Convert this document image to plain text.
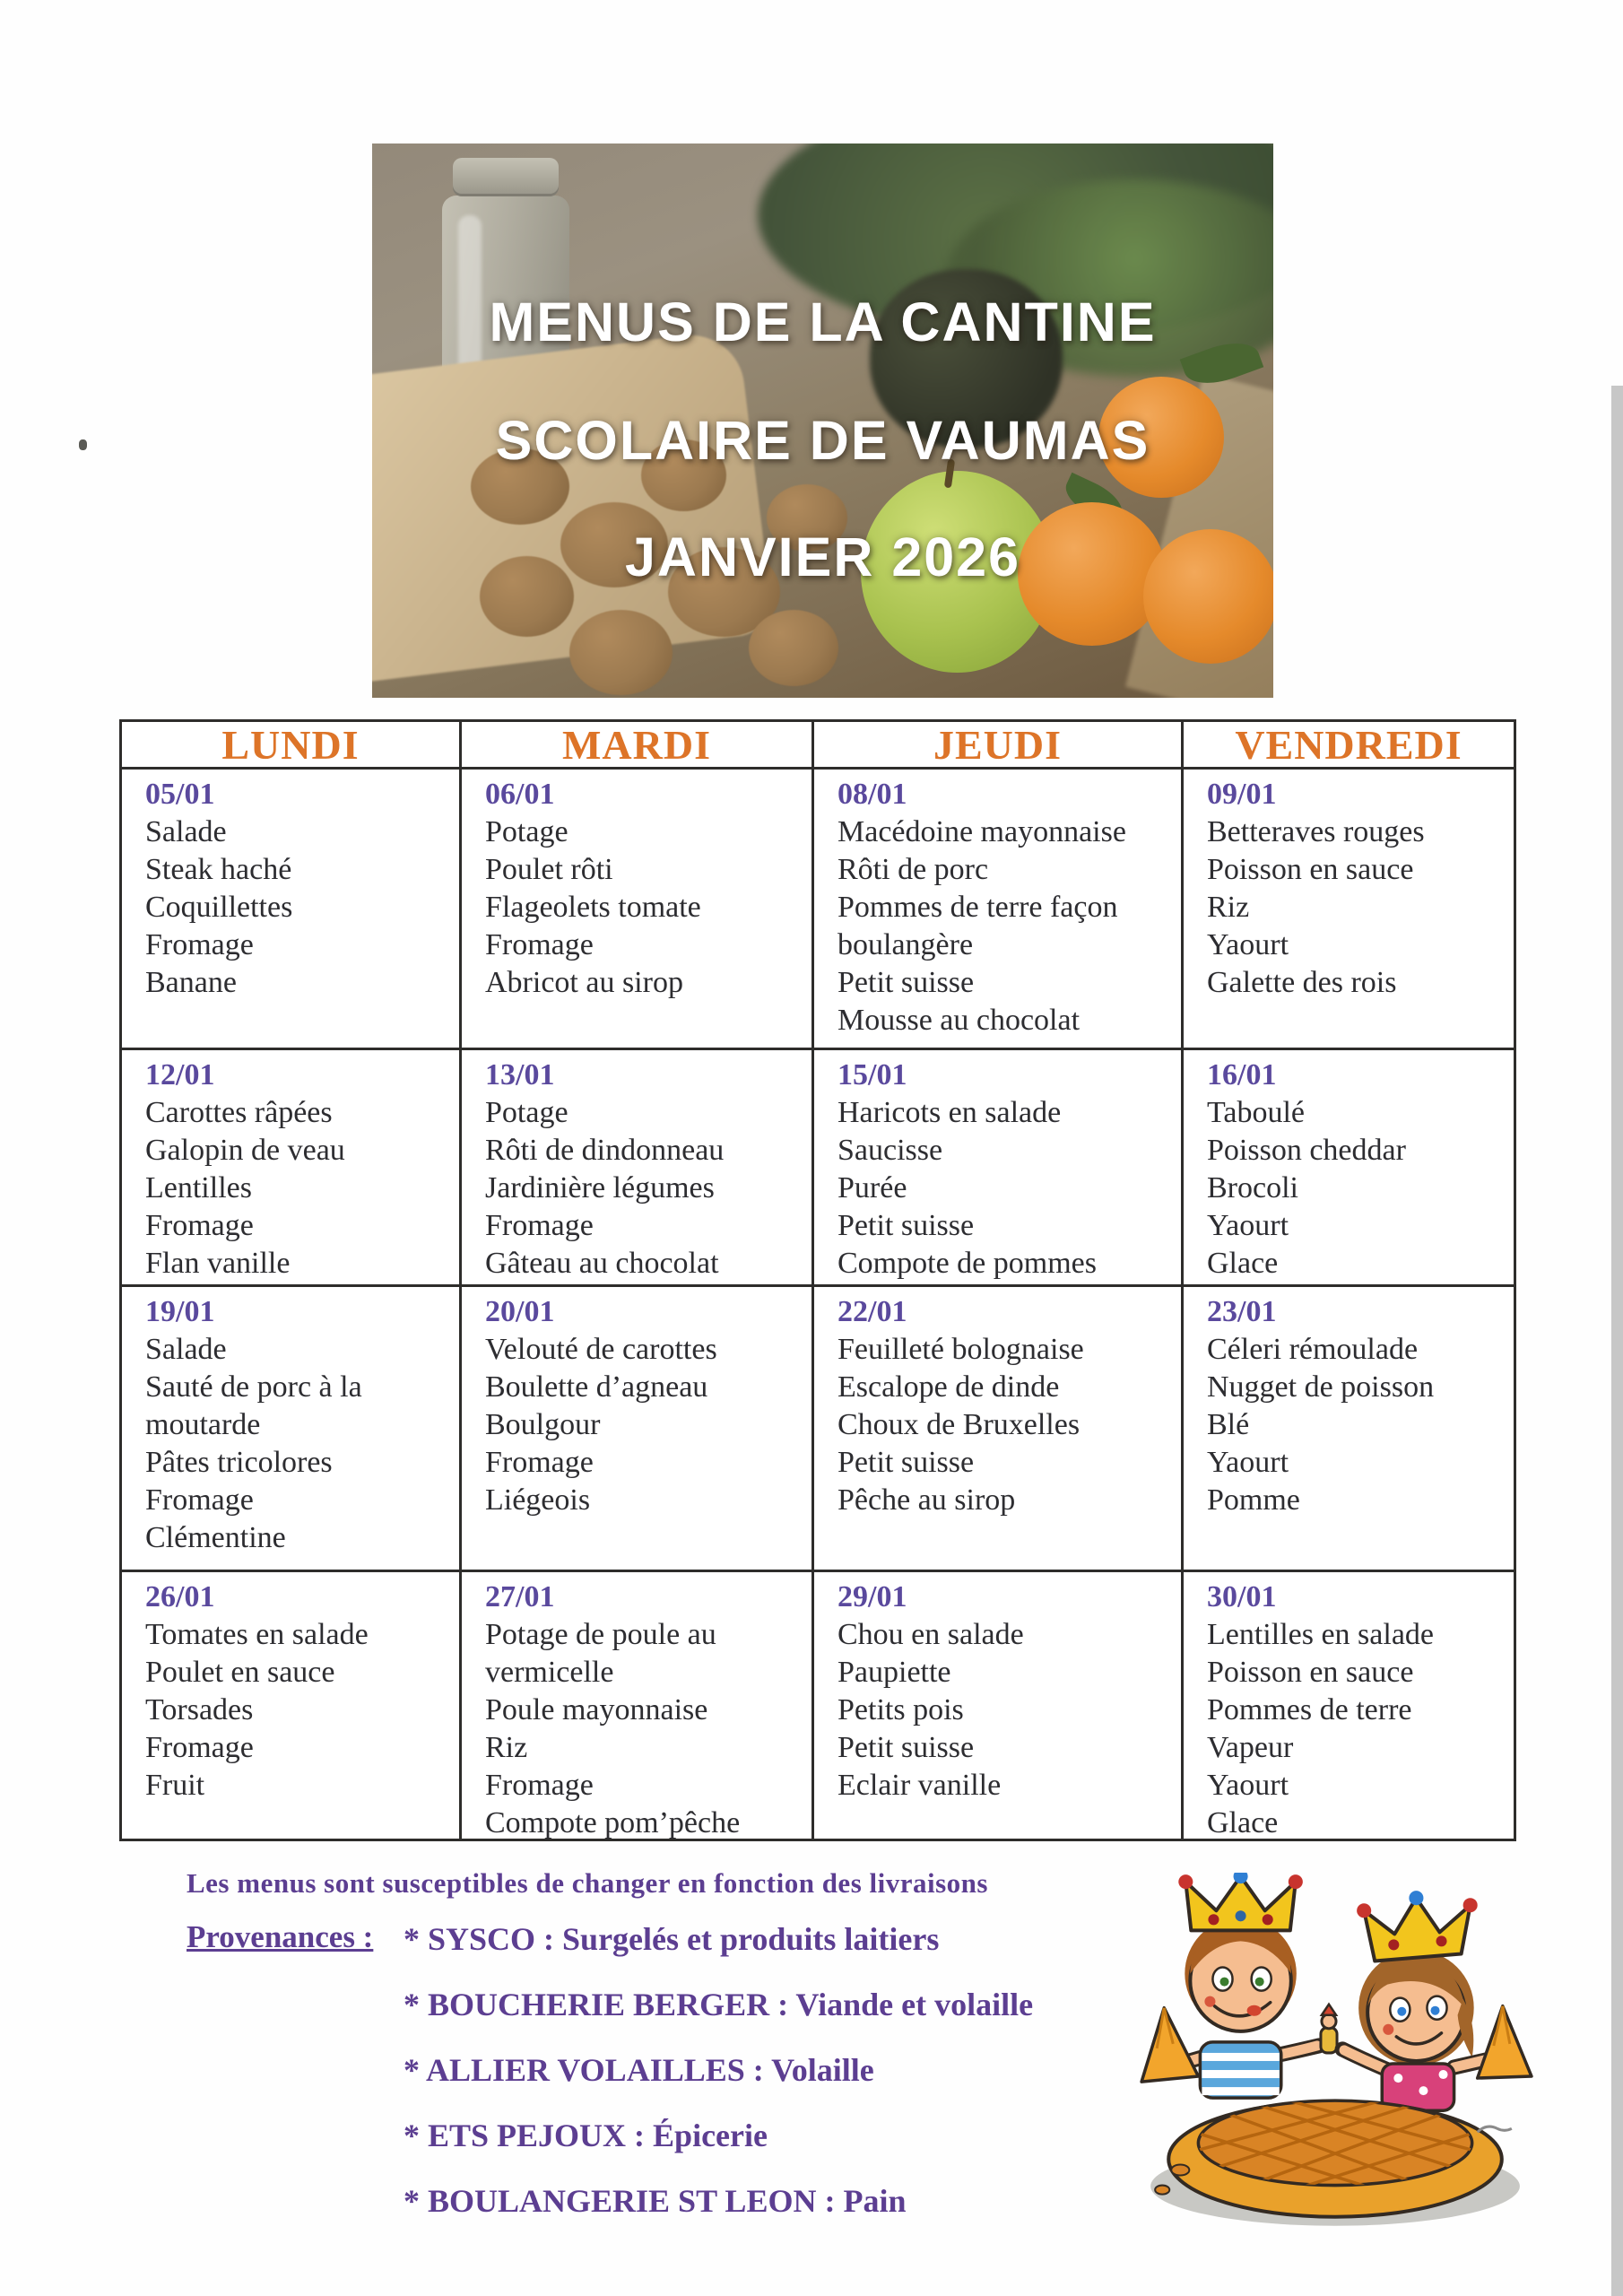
MENUS DE LA CANTINE
SCOLAIRE DE VAUMAS
JANVIER 2026
LUNDI	MARDI	JEUDI	VENDREDI
05/01
Salade
Steak haché
Coquillettes
Fromage
Banane
06/01
Potage
Poulet rôti
Flageolets tomate
Fromage
Abricot au sirop
08/01
Macédoine mayonnaise
Rôti de porc
Pommes de terre façon boulangère
Petit suisse
Mousse au chocolat
09/01
Betteraves rouges
Poisson en sauce
Riz
Yaourt
Galette des rois
12/01
Carottes râpées
Galopin de veau
Lentilles
Fromage
Flan vanille
13/01
Potage
Rôti de dindonneau
Jardinière légumes
Fromage
Gâteau au chocolat
15/01
Haricots en salade
Saucisse
Purée
Petit suisse
Compote de pommes
16/01
Taboulé
Poisson cheddar
Brocoli
Yaourt
Glace
19/01
Salade
Sauté de porc à la moutarde
Pâtes tricolores
Fromage
Clémentine
20/01
Velouté de carottes
Boulette d’agneau
Boulgour
Fromage
Liégeois
22/01
Feuilleté bolognaise
Escalope de dinde
Choux de Bruxelles
Petit suisse
Pêche au sirop
23/01
Céleri rémoulade
Nugget de poisson
Blé
Yaourt
Pomme
26/01
Tomates en salade
Poulet en sauce
Torsades
Fromage
Fruit
27/01
Potage de poule au vermicelle
Poule mayonnaise
Riz
Fromage
Compote pom’pêche
29/01
Chou en salade
Paupiette
Petits pois
Petit suisse
Eclair vanille
30/01
Lentilles en salade
Poisson en sauce
Pommes de terre
Vapeur
Yaourt
Glace
Les menus sont susceptibles de changer en fonction des livraisons
Provenances : * SYSCO : Surgelés et produits laitiers
* BOUCHERIE BERGER : Viande et volaille
* ALLIER VOLAILLES : Volaille
* ETS PEJOUX : Épicerie
* BOULANGERIE ST LEON : Pain
